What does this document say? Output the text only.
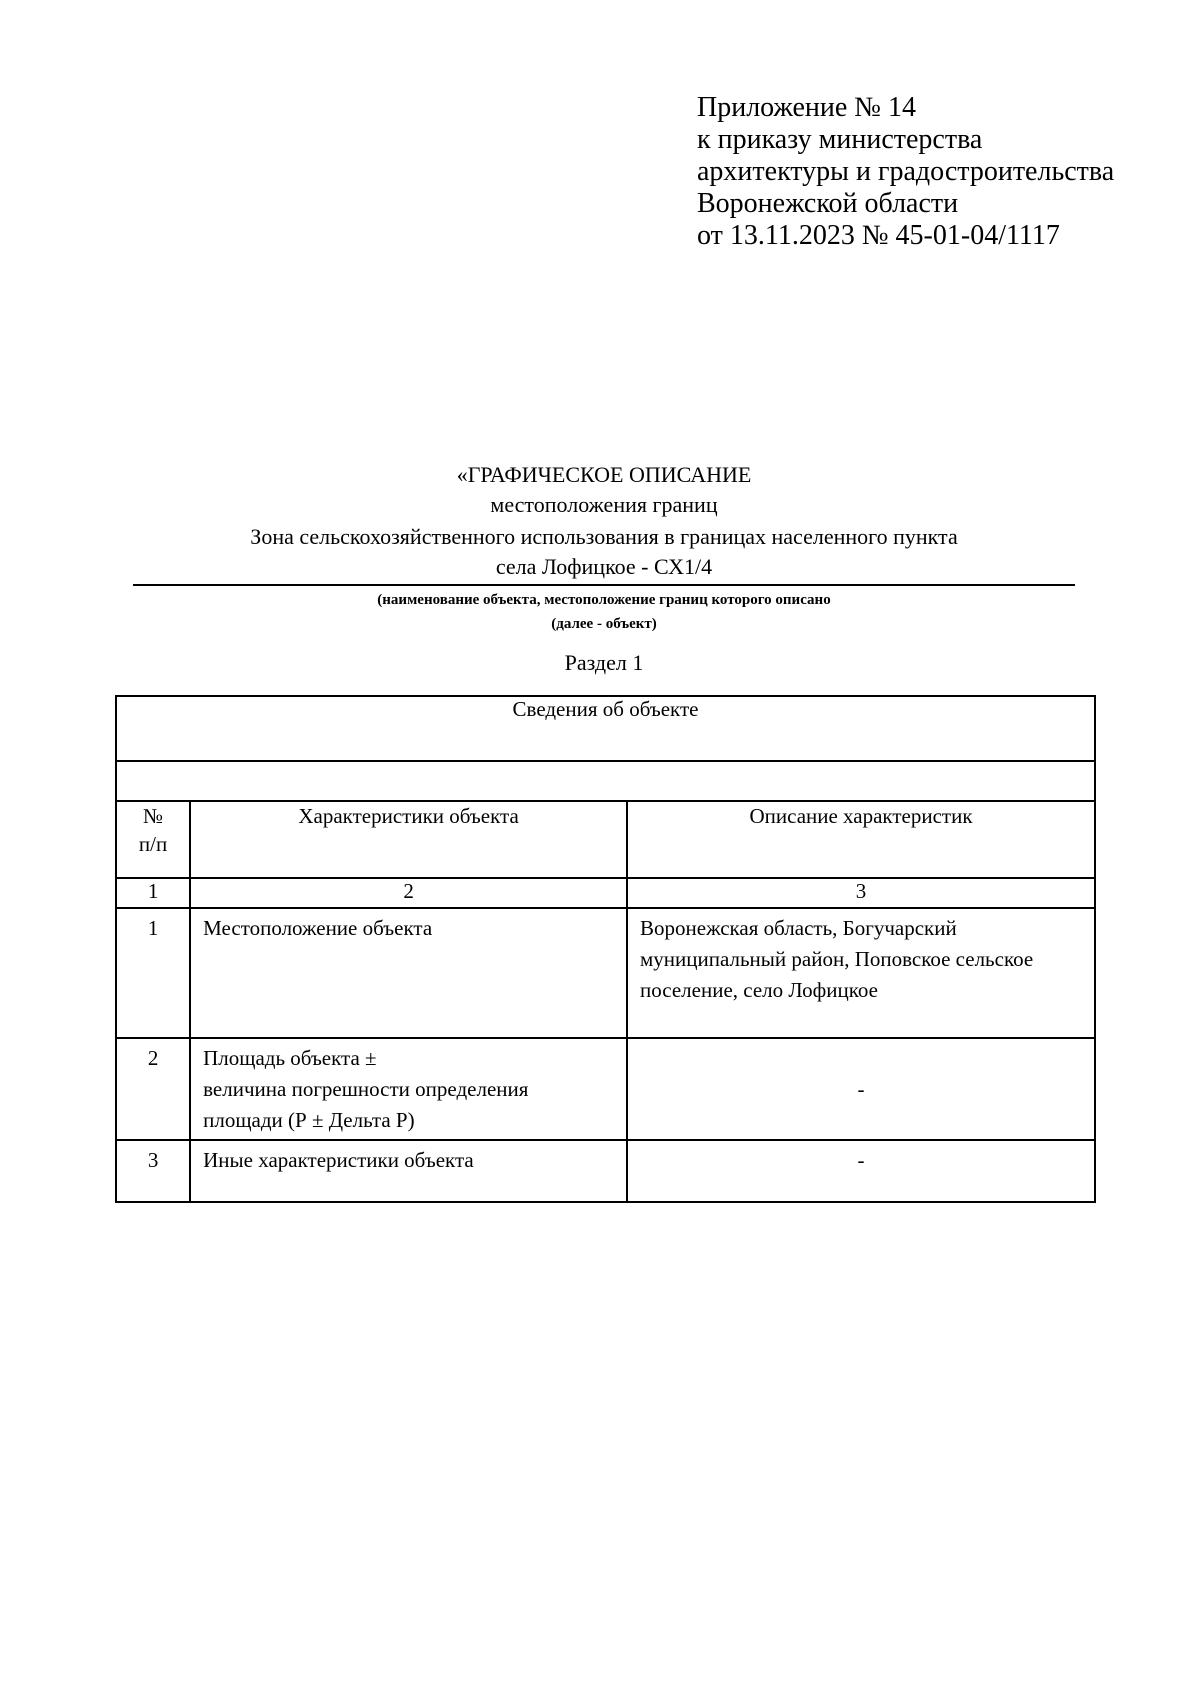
Приложение № 14
к приказу министерства
архитектуры и градостроительства
Воронежской области
от 13.11.2023 № 45-01-04/1117
«ГРАФИЧЕСКОЕ ОПИСАНИЕ
местоположения границ
Зона сельскохозяйственного использования в границах населенного пункта
села Лофицкое - СХ1/4
(наименование объекта, местоположение границ которого описано
(далее - объект)
Раздел 1
Сведения об объекте		

№
п/п	Характеристики объекта	Описание характеристик
1	2	3
1	Местоположение объекта	Воронежская область, Богучарский муниципальный район, Поповское сельское поселение, село Лофицкое
2	Площадь объекта ±
величина погрешности определения
площади (Р ± Дельта Р)	-
3	Иные характеристики объекта	-
